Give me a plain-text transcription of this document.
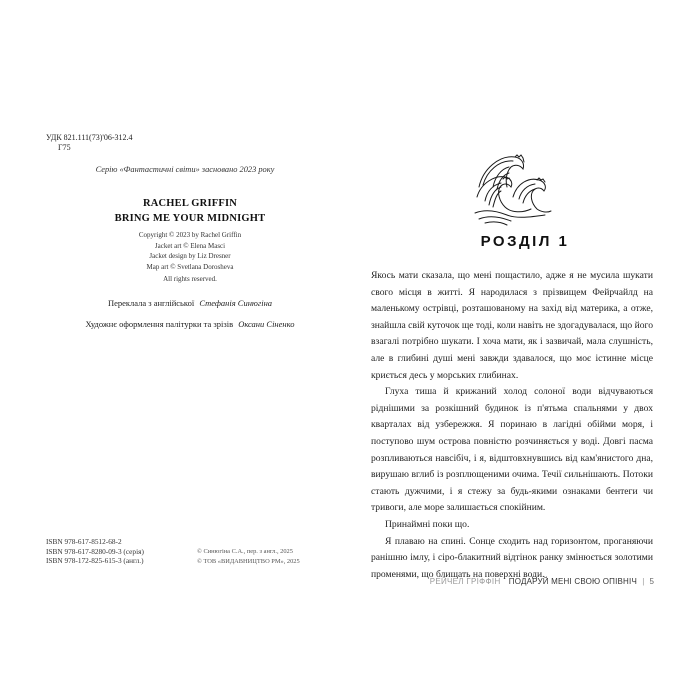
УДК 821.111(73)'06-312.4
Г75
Серію «Фантастичні світи» засновано 2023 року
RACHEL GRIFFIN
BRING ME YOUR MIDNIGHT
Copyright © 2023 by Rachel Griffin
Jacket art © Elena Masci
Jacket design by Liz Dresner
Map art © Svetlana Dorosheva
All rights reserved.
Переклала з англійської Стефанія Синюгіна
Художнє оформлення палітурки та зрізів Оксани Сіненко
ISBN 978-617-8512-68-2
ISBN 978-617-8280-09-3 (серія)
ISBN 978-172-825-615-3 (англ.)
© Синюгіна С.А., пер. з англ., 2025
© ТОВ «ВИДАВНИЦТВО РМ», 2025
РОЗДІЛ 1

Якось мати сказала, що мені пощастило, адже я не мусила шукати свого місця в житті. Я народилася з прізвищем Фейрчайлд на маленькому острівці, розташованому на захід від материка, а отже, знайшла свій куточок ще тоді, коли навіть не здогадувалася, що його взагалі потрібно шукати. І хоча мати, як і зазвичай, мала слушність, але в глибині душі мені завжди здавалося, що моє істинне місце криється десь у морських глибинах.

Глуха тиша й крижаний холод солоної води відчуваються ріднішими за розкішний будинок із п'ятьма спальнями у двох кварталах від узбережжя. Я поринаю в лагідні обійми моря, і поступово шум острова повністю розчиняється у воді. Довгі пасма розпливаються навсібіч, і я, відштовхнувшись від кам'янистого дна, вирушаю вглиб із розплющеними очима. Течії сильнішають. Потоки стають дужчими, і я стежу за будь-якими ознаками бентеги чи тривоги, але море залишається спокійним.

Принаймні поки що.

Я плаваю на спині. Сонце сходить над горизонтом, проганяючи ранішню імлу, і сіро-блакитний відтінок ранку змінюється золотими променями, що блищать на поверхні води.

РЕЙЧЕЛ ГРІФФІН ПОДАРУЙ МЕНІ СВОЮ ОПІВНІЧ | 5
